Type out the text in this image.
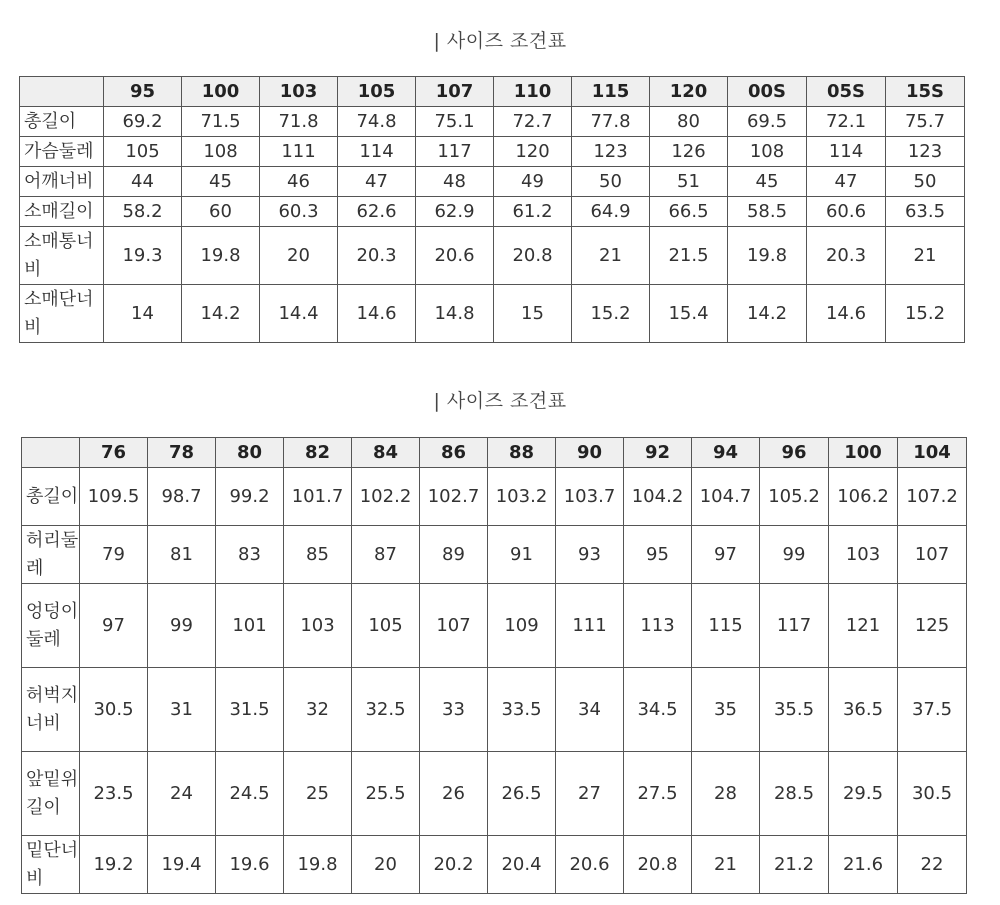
| 사이즈 조견표
	95	100	103	105	107	110	115	120	00S	05S	15S
총길이	69.2	71.5	71.8	74.8	75.1	72.7	77.8	80	69.5	72.1	75.7
가슴둘레	105	108	111	114	117	120	123	126	108	114	123
어깨너비	44	45	46	47	48	49	50	51	45	47	50
소매길이	58.2	60	60.3	62.6	62.9	61.2	64.9	66.5	58.5	60.6	63.5
소매통너비	19.3	19.8	20	20.3	20.6	20.8	21	21.5	19.8	20.3	21
소매단너비	14	14.2	14.4	14.6	14.8	15	15.2	15.4	14.2	14.6	15.2
| 사이즈 조견표
	76	78	80	82	84	86	88	90	92	94	96	100	104
총길이	109.5	98.7	99.2	101.7	102.2	102.7	103.2	103.7	104.2	104.7	105.2	106.2	107.2
허리둘레	79	81	83	85	87	89	91	93	95	97	99	103	107
엉덩이둘레	97	99	101	103	105	107	109	111	113	115	117	121	125
허벅지너비	30.5	31	31.5	32	32.5	33	33.5	34	34.5	35	35.5	36.5	37.5
앞밑위길이	23.5	24	24.5	25	25.5	26	26.5	27	27.5	28	28.5	29.5	30.5
밑단너비	19.2	19.4	19.6	19.8	20	20.2	20.4	20.6	20.8	21	21.2	21.6	22
